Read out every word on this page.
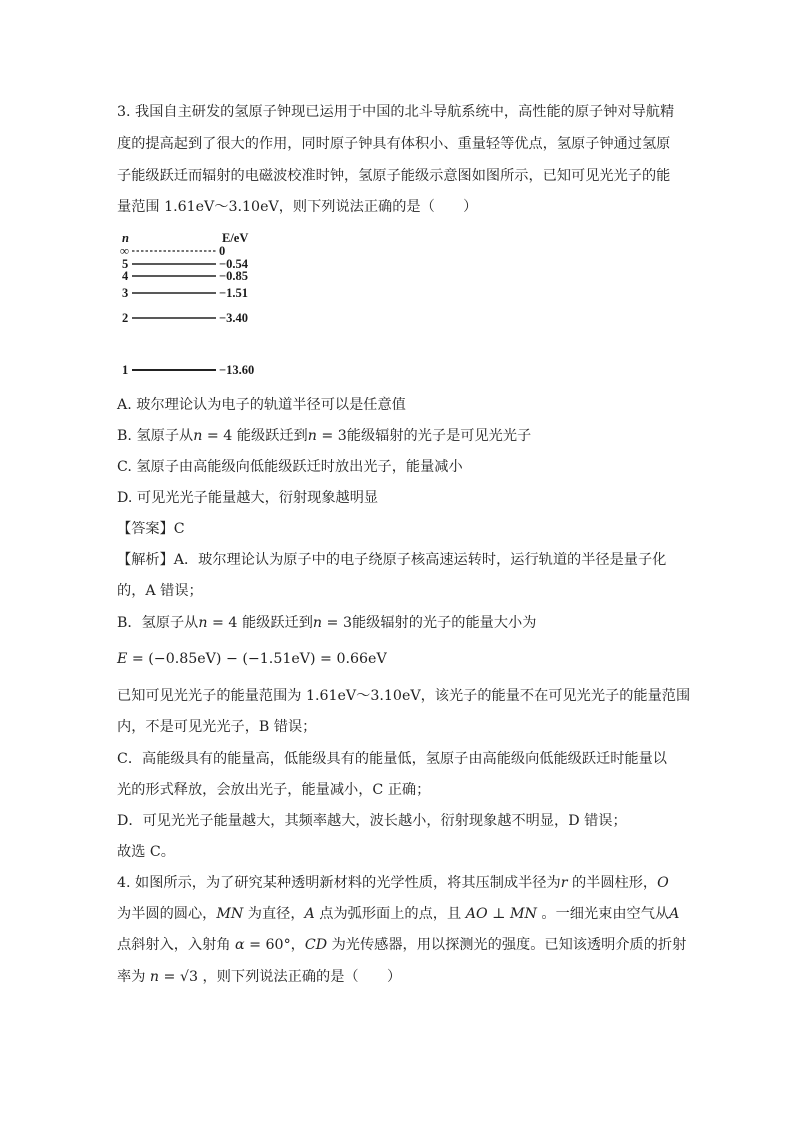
3. 我国自主研发的氢原子钟现已运用于中国的北斗导航系统中，高性能的原子钟对导航精
度的提高起到了很大的作用，同时原子钟具有体积小、重量轻等优点，氢原子钟通过氢原
子能级跃迁而辐射的电磁波校准时钟，氢原子能级示意图如图所示，已知可见光光子的能
量范围 1.61eV～3.10eV，则下列说法正确的是（　　）
n	E/eV
∞	0
5	−0.54
4	−0.85
3	−1.51
2	−3.40
1	−13.60
A. 玻尔理论认为电子的轨道半径可以是任意值
B. 氢原子从n = 4 能级跃迁到n = 3能级辐射的光子是可见光光子
C. 氢原子由高能级向低能级跃迁时放出光子，能量减小
D. 可见光光子能量越大，衍射现象越明显
【答案】C
【解析】A．玻尔理论认为原子中的电子绕原子核高速运转时，运行轨道的半径是量子化
的，A 错误；
B．氢原子从n = 4 能级跃迁到n = 3能级辐射的光子的能量大小为
E = (−0.85eV) − (−1.51eV) = 0.66eV
已知可见光光子的能量范围为 1.61eV～3.10eV，该光子的能量不在可见光光子的能量范围
内，不是可见光光子，B 错误；
C．高能级具有的能量高，低能级具有的能量低，氢原子由高能级向低能级跃迁时能量以
光的形式释放，会放出光子，能量减小，C 正确；
D．可见光光子能量越大，其频率越大，波长越小，衍射现象越不明显，D 错误；
故选 C。
4. 如图所示，为了研究某种透明新材料的光学性质，将其压制成半径为r 的半圆柱形，O
为半圆的圆心，MN 为直径，A 点为弧形面上的点，且 AO ⊥ MN 。一细光束由空气从A
点斜射入，入射角 α = 60°，CD 为光传感器，用以探测光的强度。已知该透明介质的折射
率为 n = √3 ，则下列说法正确的是（　　）
